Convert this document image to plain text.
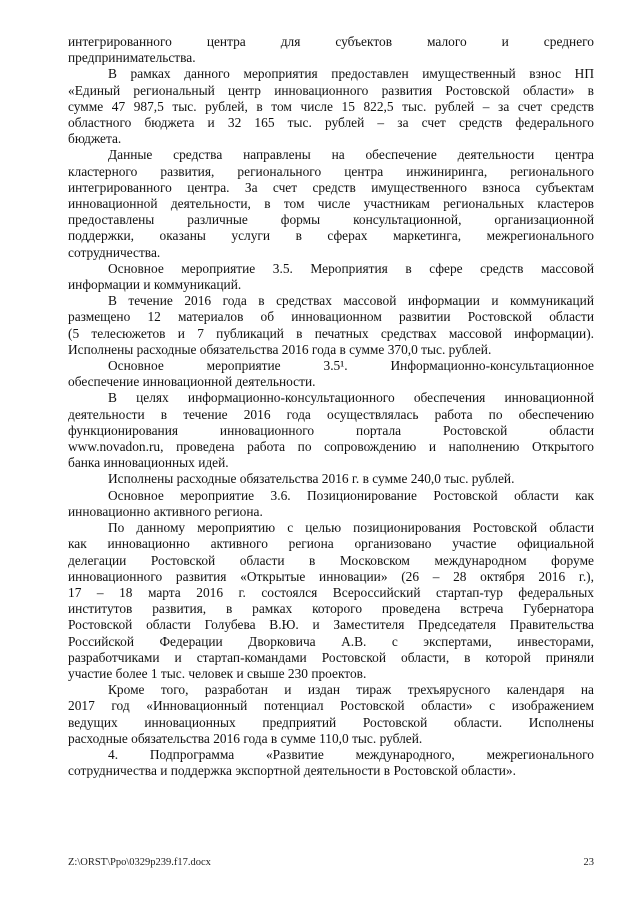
интегрированного центра для субъектов малого и среднего
предпринимательства.
В рамках данного мероприятия предоставлен имущественный взнос НП
«Единый региональный центр инновационного развития Ростовской области» в
сумме 47 987,5 тыс. рублей, в том числе 15 822,5 тыс. рублей – за счет средств
областного бюджета и 32 165 тыс. рублей – за счет средств федерального
бюджета.
Данные средства направлены на обеспечение деятельности центра
кластерного развития, регионального центра инжиниринга, регионального
интегрированного центра. За счет средств имущественного взноса субъектам
инновационной деятельности, в том числе участникам региональных кластеров
предоставлены различные формы консультационной, организационной
поддержки, оказаны услуги в сферах маркетинга, межрегионального
сотрудничества.
Основное мероприятие 3.5. Мероприятия в сфере средств массовой
информации и коммуникаций.
В течение 2016 года в средствах массовой информации и коммуникаций
размещено 12 материалов об инновационном развитии Ростовской области
(5 телесюжетов и 7 публикаций в печатных средствах массовой информации).
Исполнены расходные обязательства 2016 года в сумме 370,0 тыс. рублей.
Основное мероприятие 3.5¹. Информационно-консультационное
обеспечение инновационной деятельности.
В целях информационно-консультационного обеспечения инновационной
деятельности в течение 2016 года осуществлялась работа по обеспечению
функционирования инновационного портала Ростовской области
www.novadon.ru, проведена работа по сопровождению и наполнению Открытого
банка инновационных идей.
Исполнены расходные обязательства 2016 г. в сумме 240,0 тыс. рублей.
Основное мероприятие 3.6. Позиционирование Ростовской области как
инновационно активного региона.
По данному мероприятию с целью позиционирования Ростовской области
как инновационно активного региона организовано участие официальной
делегации Ростовской области в Московском международном форуме
инновационного развития «Открытые инновации» (26 – 28 октября 2016 г.),
17 – 18 марта 2016 г. состоялся Всероссийский стартап-тур федеральных
институтов развития, в рамках которого проведена встреча Губернатора
Ростовской области Голубева В.Ю. и Заместителя Председателя Правительства
Российской Федерации Дворковича А.В. с экспертами, инвесторами,
разработчиками и стартап-командами Ростовской области, в которой приняли
участие более 1 тыс. человек и свыше 230 проектов.
Кроме того, разработан и издан тираж трехъярусного календаря на
2017 год «Инновационный потенциал Ростовской области» с изображением
ведущих инновационных предприятий Ростовской области. Исполнены
расходные обязательства 2016 года в сумме 110,0 тыс. рублей.
4. Подпрограмма «Развитие международного, межрегионального
сотрудничества и поддержка экспортной деятельности в Ростовской области».
Z:\ORST\Ppo\0329p239.f17.docx	23
